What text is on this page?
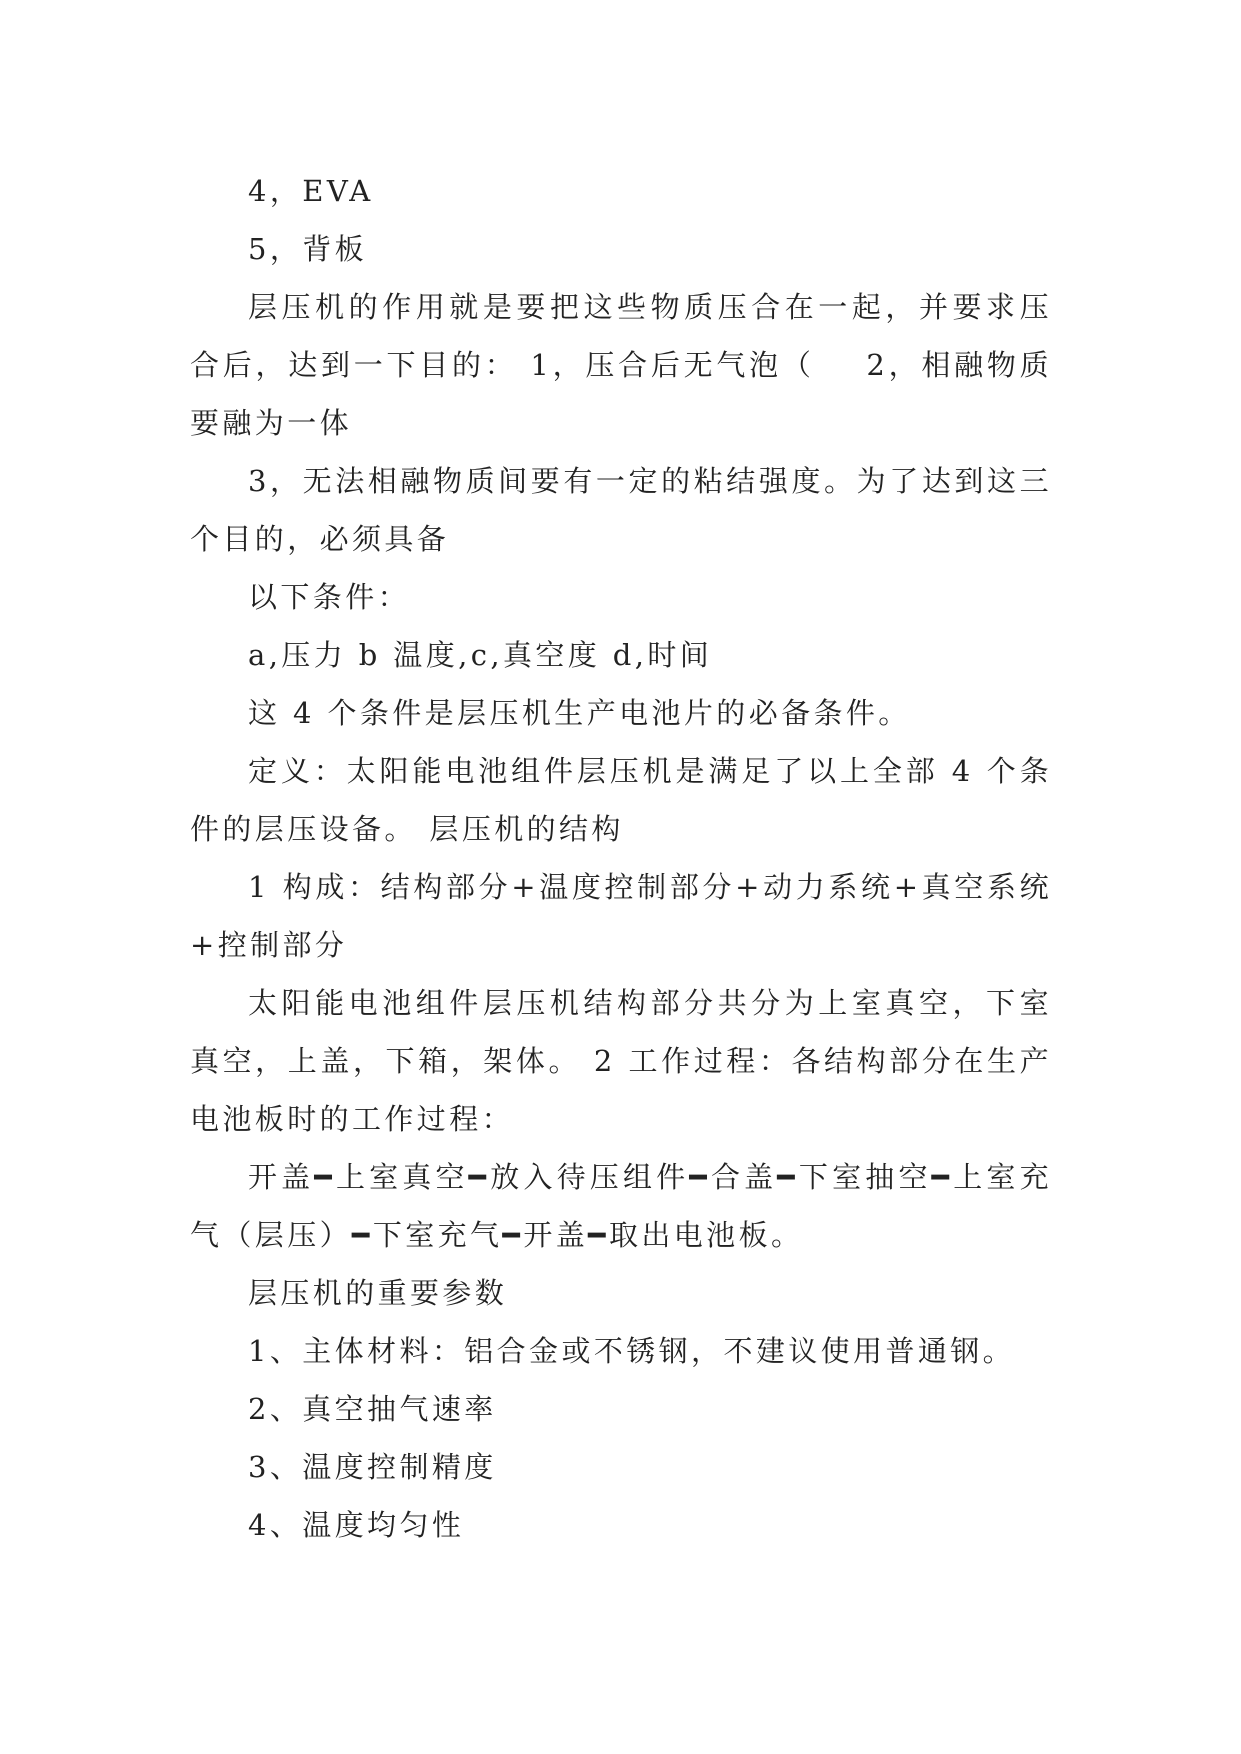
4，EVA

5，背板

层压机的作用就是要把这些物质压合在一起，并要求压合后，达到一下目的： 1，压合后无气泡（    2，相融物质要融为一体

3，无法相融物质间要有一定的粘结强度。为了达到这三个目的，必须具备

以下条件：

a,压力 b 温度,c,真空度 d,时间

这 4 个条件是层压机生产电池片的必备条件。

定义：太阳能电池组件层压机是满足了以上全部 4 个条件的层压设备。 层压机的结构

1 构成：结构部分+温度控制部分+动力系统+真空系统+控制部分

太阳能电池组件层压机结构部分共分为上室真空，下室真空，上盖，下箱，架体。 2 工作过程：各结构部分在生产电池板时的工作过程：

开盖━上室真空━放入待压组件━合盖━下室抽空━上室充气（层压）━下室充气━开盖━取出电池板。

层压机的重要参数

1、主体材料：铝合金或不锈钢，不建议使用普通钢。

2、真空抽气速率

3、温度控制精度

4、温度均匀性
